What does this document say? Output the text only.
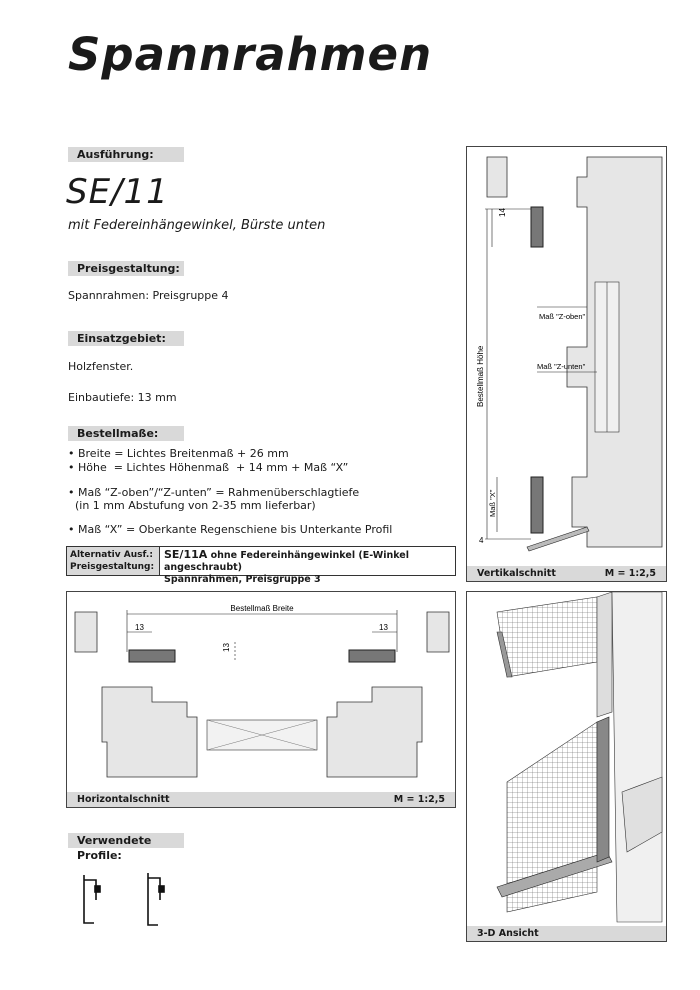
Spannrahmen
Ausführung:
SE/11
mit Federeinhängewinkel, Bürste unten
Preisgestaltung:
Spannrahmen: Preisgruppe 4
Einsatzgebiet:
Holzfenster.
Einbautiefe: 13 mm
Bestellmaße:
• Breite = Lichtes Breitenmaß + 26 mm
• Höhe  = Lichtes Höhenmaß  + 14 mm + Maß “X”
• Maß “Z-oben”/“Z-unten” = Rahmenüberschlagtiefe
(in 1 mm Abstufung von 2-35 mm lieferbar)
• Maß “X” = Oberkante Regenschiene bis Unterkante Profil
Alternativ Ausf.:
Preisgestaltung:
SE/11A ohne Federeinhängewinkel (E-Winkel angeschraubt)
Spannrahmen, Preisgruppe 3
14
Maß "Z-oben"
Maß "Z-unten"
Bestellmaß Höhe
Maß "X"
4
Vertikalschnitt	M = 1:2,5
Bestellmaß Breite
13
13
13
Horizontalschnitt	M = 1:2,5
3-D Ansicht
Verwendete Profile:
